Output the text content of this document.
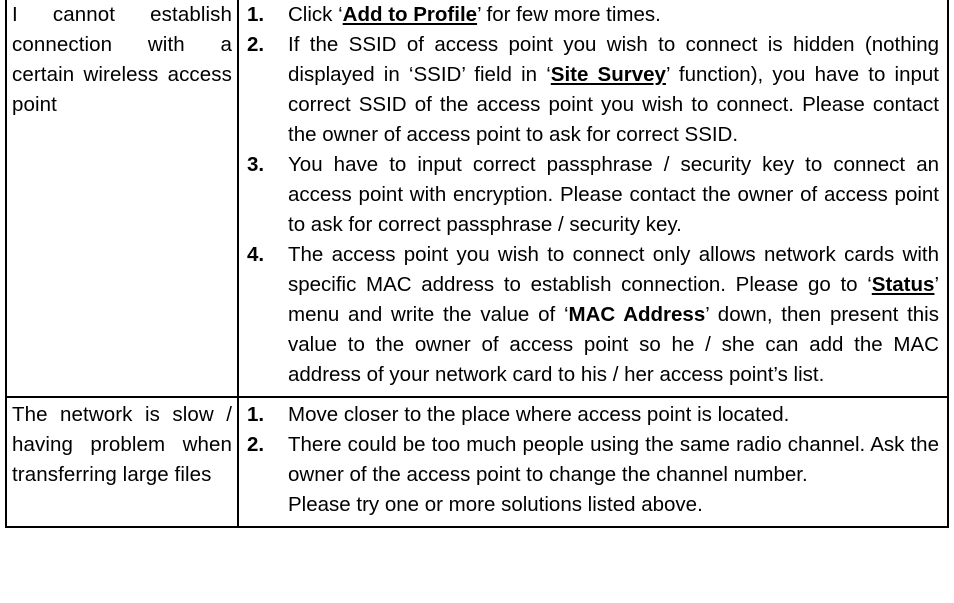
I cannot establish connection with a certain wireless access point

1. Click ‘Add to Profile’ for few more times.
2. If the SSID of access point you wish to connect is hidden (nothing displayed in ‘SSID’ field in ‘Site Survey’ function), you have to input correct SSID of the access point you wish to connect. Please contact the owner of access point to ask for correct SSID.
3. You have to input correct passphrase / security key to connect an access point with encryption. Please contact the owner of access point to ask for correct passphrase / security key.
4. The access point you wish to connect only allows network cards with specific MAC address to establish connection. Please go to ‘Status’ menu and write the value of ‘MAC Address’ down, then present this value to the owner of access point so he / she can add the MAC address of your network card to his / her access point’s list.

The network is slow / having problem when transferring large files

1. Move closer to the place where access point is located.
2. There could be too much people using the same radio channel. Ask the owner of the access point to change the channel number.
Please try one or more solutions listed above.
